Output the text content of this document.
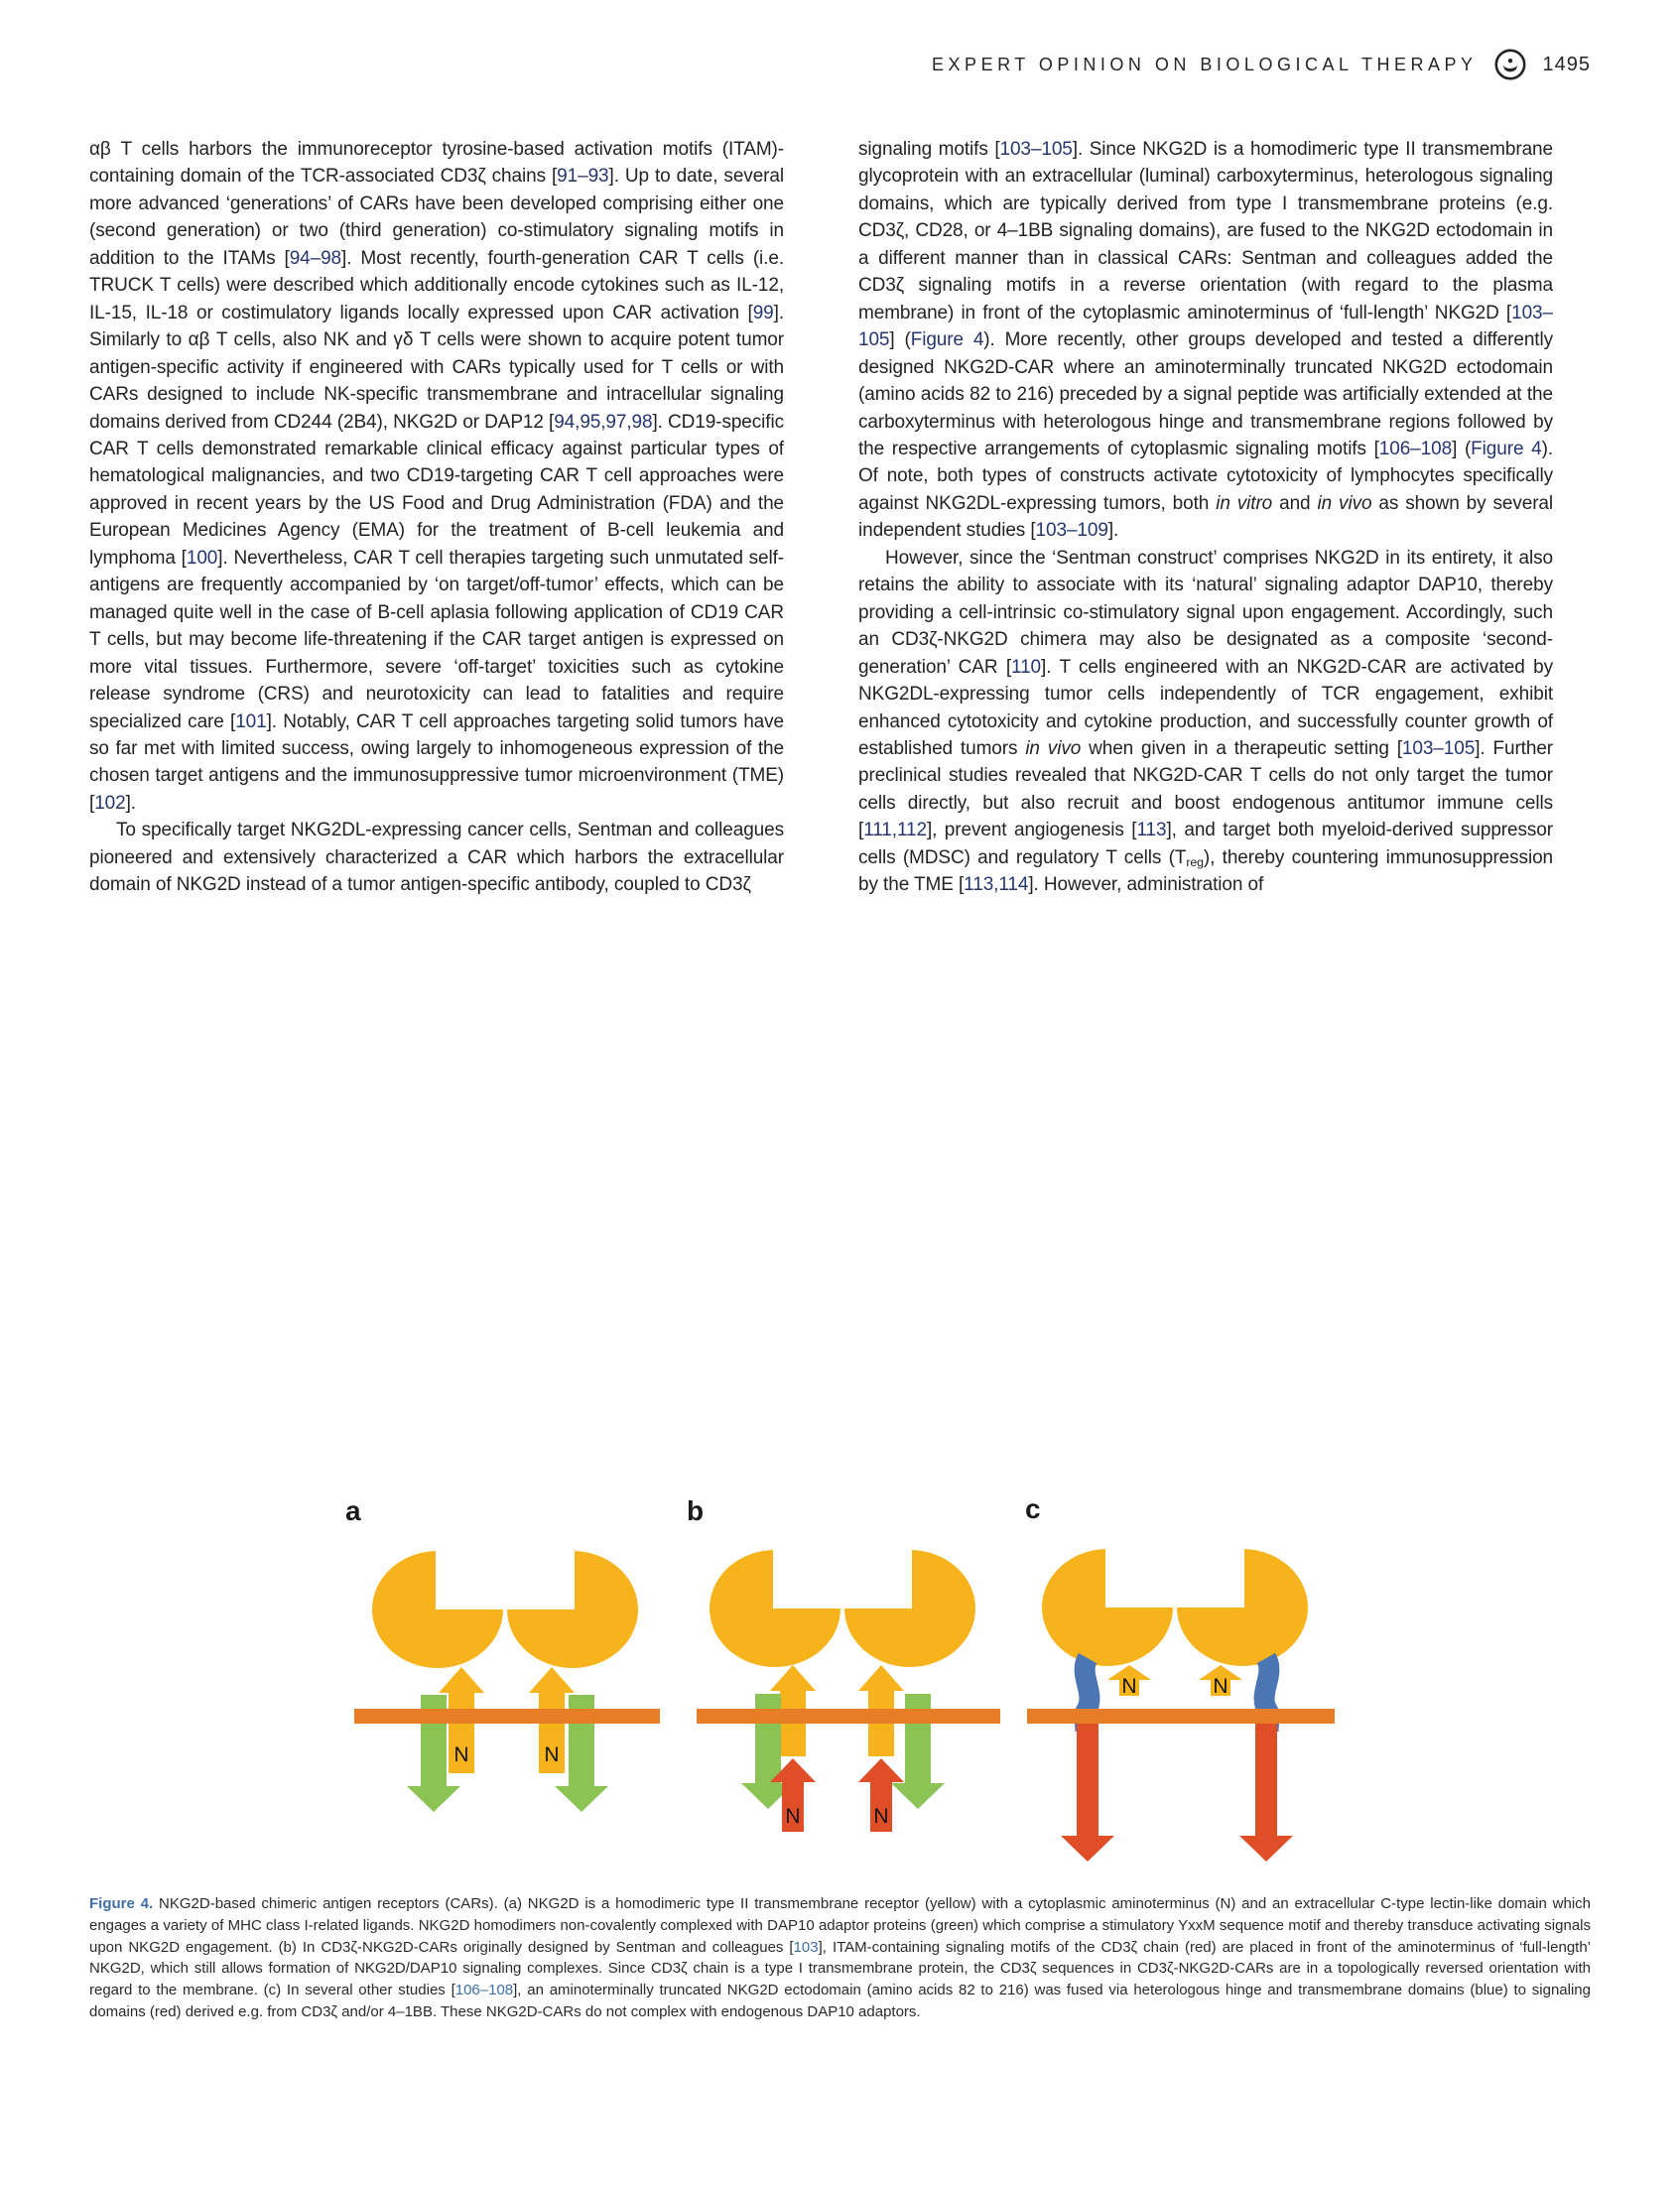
EXPERT OPINION ON BIOLOGICAL THERAPY	1495

αβ T cells harbors the immunoreceptor tyrosine-based activation motifs (ITAM)-containing domain of the TCR-associated CD3ζ chains [91–93]. Up to date, several more advanced ‘generations’ of CARs have been developed comprising either one (second generation) or two (third generation) co-stimulatory signaling motifs in addition to the ITAMs [94–98]. Most recently, fourth-generation CAR T cells (i.e. TRUCK T cells) were described which additionally encode cytokines such as IL-12, IL-15, IL-18 or costimulatory ligands locally expressed upon CAR activation [99]. Similarly to αβ T cells, also NK and γδ T cells were shown to acquire potent tumor antigen-specific activity if engineered with CARs typically used for T cells or with CARs designed to include NK-specific transmembrane and intracellular signaling domains derived from CD244 (2B4), NKG2D or DAP12 [94,95,97,98]. CD19-specific CAR T cells demonstrated remarkable clinical efficacy against particular types of hematological malignancies, and two CD19-targeting CAR T cell approaches were approved in recent years by the US Food and Drug Administration (FDA) and the European Medicines Agency (EMA) for the treatment of B-cell leukemia and lymphoma [100]. Nevertheless, CAR T cell therapies targeting such unmutated self-antigens are frequently accompanied by ‘on target/off-tumor’ effects, which can be managed quite well in the case of B-cell aplasia following application of CD19 CAR T cells, but may become life-threatening if the CAR target antigen is expressed on more vital tissues. Furthermore, severe ‘off-target’ toxicities such as cytokine release syndrome (CRS) and neurotoxicity can lead to fatalities and require specialized care [101]. Notably, CAR T cell approaches targeting solid tumors have so far met with limited success, owing largely to inhomogeneous expression of the chosen target antigens and the immunosuppressive tumor microenvironment (TME) [102].

To specifically target NKG2DL-expressing cancer cells, Sentman and colleagues pioneered and extensively characterized a CAR which harbors the extracellular domain of NKG2D instead of a tumor antigen-specific antibody, coupled to CD3ζ

signaling motifs [103–105]. Since NKG2D is a homodimeric type II transmembrane glycoprotein with an extracellular (luminal) carboxyterminus, heterologous signaling domains, which are typically derived from type I transmembrane proteins (e.g. CD3ζ, CD28, or 4–1BB signaling domains), are fused to the NKG2D ectodomain in a different manner than in classical CARs: Sentman and colleagues added the CD3ζ signaling motifs in a reverse orientation (with regard to the plasma membrane) in front of the cytoplasmic aminoterminus of ‘full-length’ NKG2D [103–105] (Figure 4). More recently, other groups developed and tested a differently designed NKG2D-CAR where an aminoterminally truncated NKG2D ectodomain (amino acids 82 to 216) preceded by a signal peptide was artificially extended at the carboxyterminus with heterologous hinge and transmembrane regions followed by the respective arrangements of cytoplasmic signaling motifs [106–108] (Figure 4). Of note, both types of constructs activate cytotoxicity of lymphocytes specifically against NKG2DL-expressing tumors, both in vitro and in vivo as shown by several independent studies [103–109].

However, since the ‘Sentman construct’ comprises NKG2D in its entirety, it also retains the ability to associate with its ‘natural’ signaling adaptor DAP10, thereby providing a cell-intrinsic co-stimulatory signal upon engagement. Accordingly, such an CD3ζ-NKG2D chimera may also be designated as a composite ‘second-generation’ CAR [110]. T cells engineered with an NKG2D-CAR are activated by NKG2DL-expressing tumor cells independently of TCR engagement, exhibit enhanced cytotoxicity and cytokine production, and successfully counter growth of established tumors in vivo when given in a therapeutic setting [103–105]. Further preclinical studies revealed that NKG2D-CAR T cells do not only target the tumor cells directly, but also recruit and boost endogenous antitumor immune cells [111,112], prevent angiogenesis [113], and target both myeloid-derived suppressor cells (MDSC) and regulatory T cells $(T_{reg})$, thereby countering immunosuppression by the TME [113,114]. However, administration of

a
N	N
b
N	N
c
N	N

Figure 4. NKG2D-based chimeric antigen receptors (CARs). (a) NKG2D is a homodimeric type II transmembrane receptor (yellow) with a cytoplasmic aminoterminus (N) and an extracellular C-type lectin-like domain which engages a variety of MHC class I-related ligands. NKG2D homodimers non-covalently complexed with DAP10 adaptor proteins (green) which comprise a stimulatory YxxM sequence motif and thereby transduce activating signals upon NKG2D engagement. (b) In CD3ζ-NKG2D-CARs originally designed by Sentman and colleagues [103], ITAM-containing signaling motifs of the CD3ζ chain (red) are placed in front of the aminoterminus of ‘full-length’ NKG2D, which still allows formation of NKG2D/DAP10 signaling complexes. Since CD3ζ chain is a type I transmembrane protein, the CD3ζ sequences in CD3ζ-NKG2D-CARs are in a topologically reversed orientation with regard to the membrane. (c) In several other studies [106–108], an aminoterminally truncated NKG2D ectodomain (amino acids 82 to 216) was fused via heterologous hinge and transmembrane domains (blue) to signaling domains (red) derived e.g. from CD3ζ and/or 4–1BB. These NKG2D-CARs do not complex with endogenous DAP10 adaptors.
